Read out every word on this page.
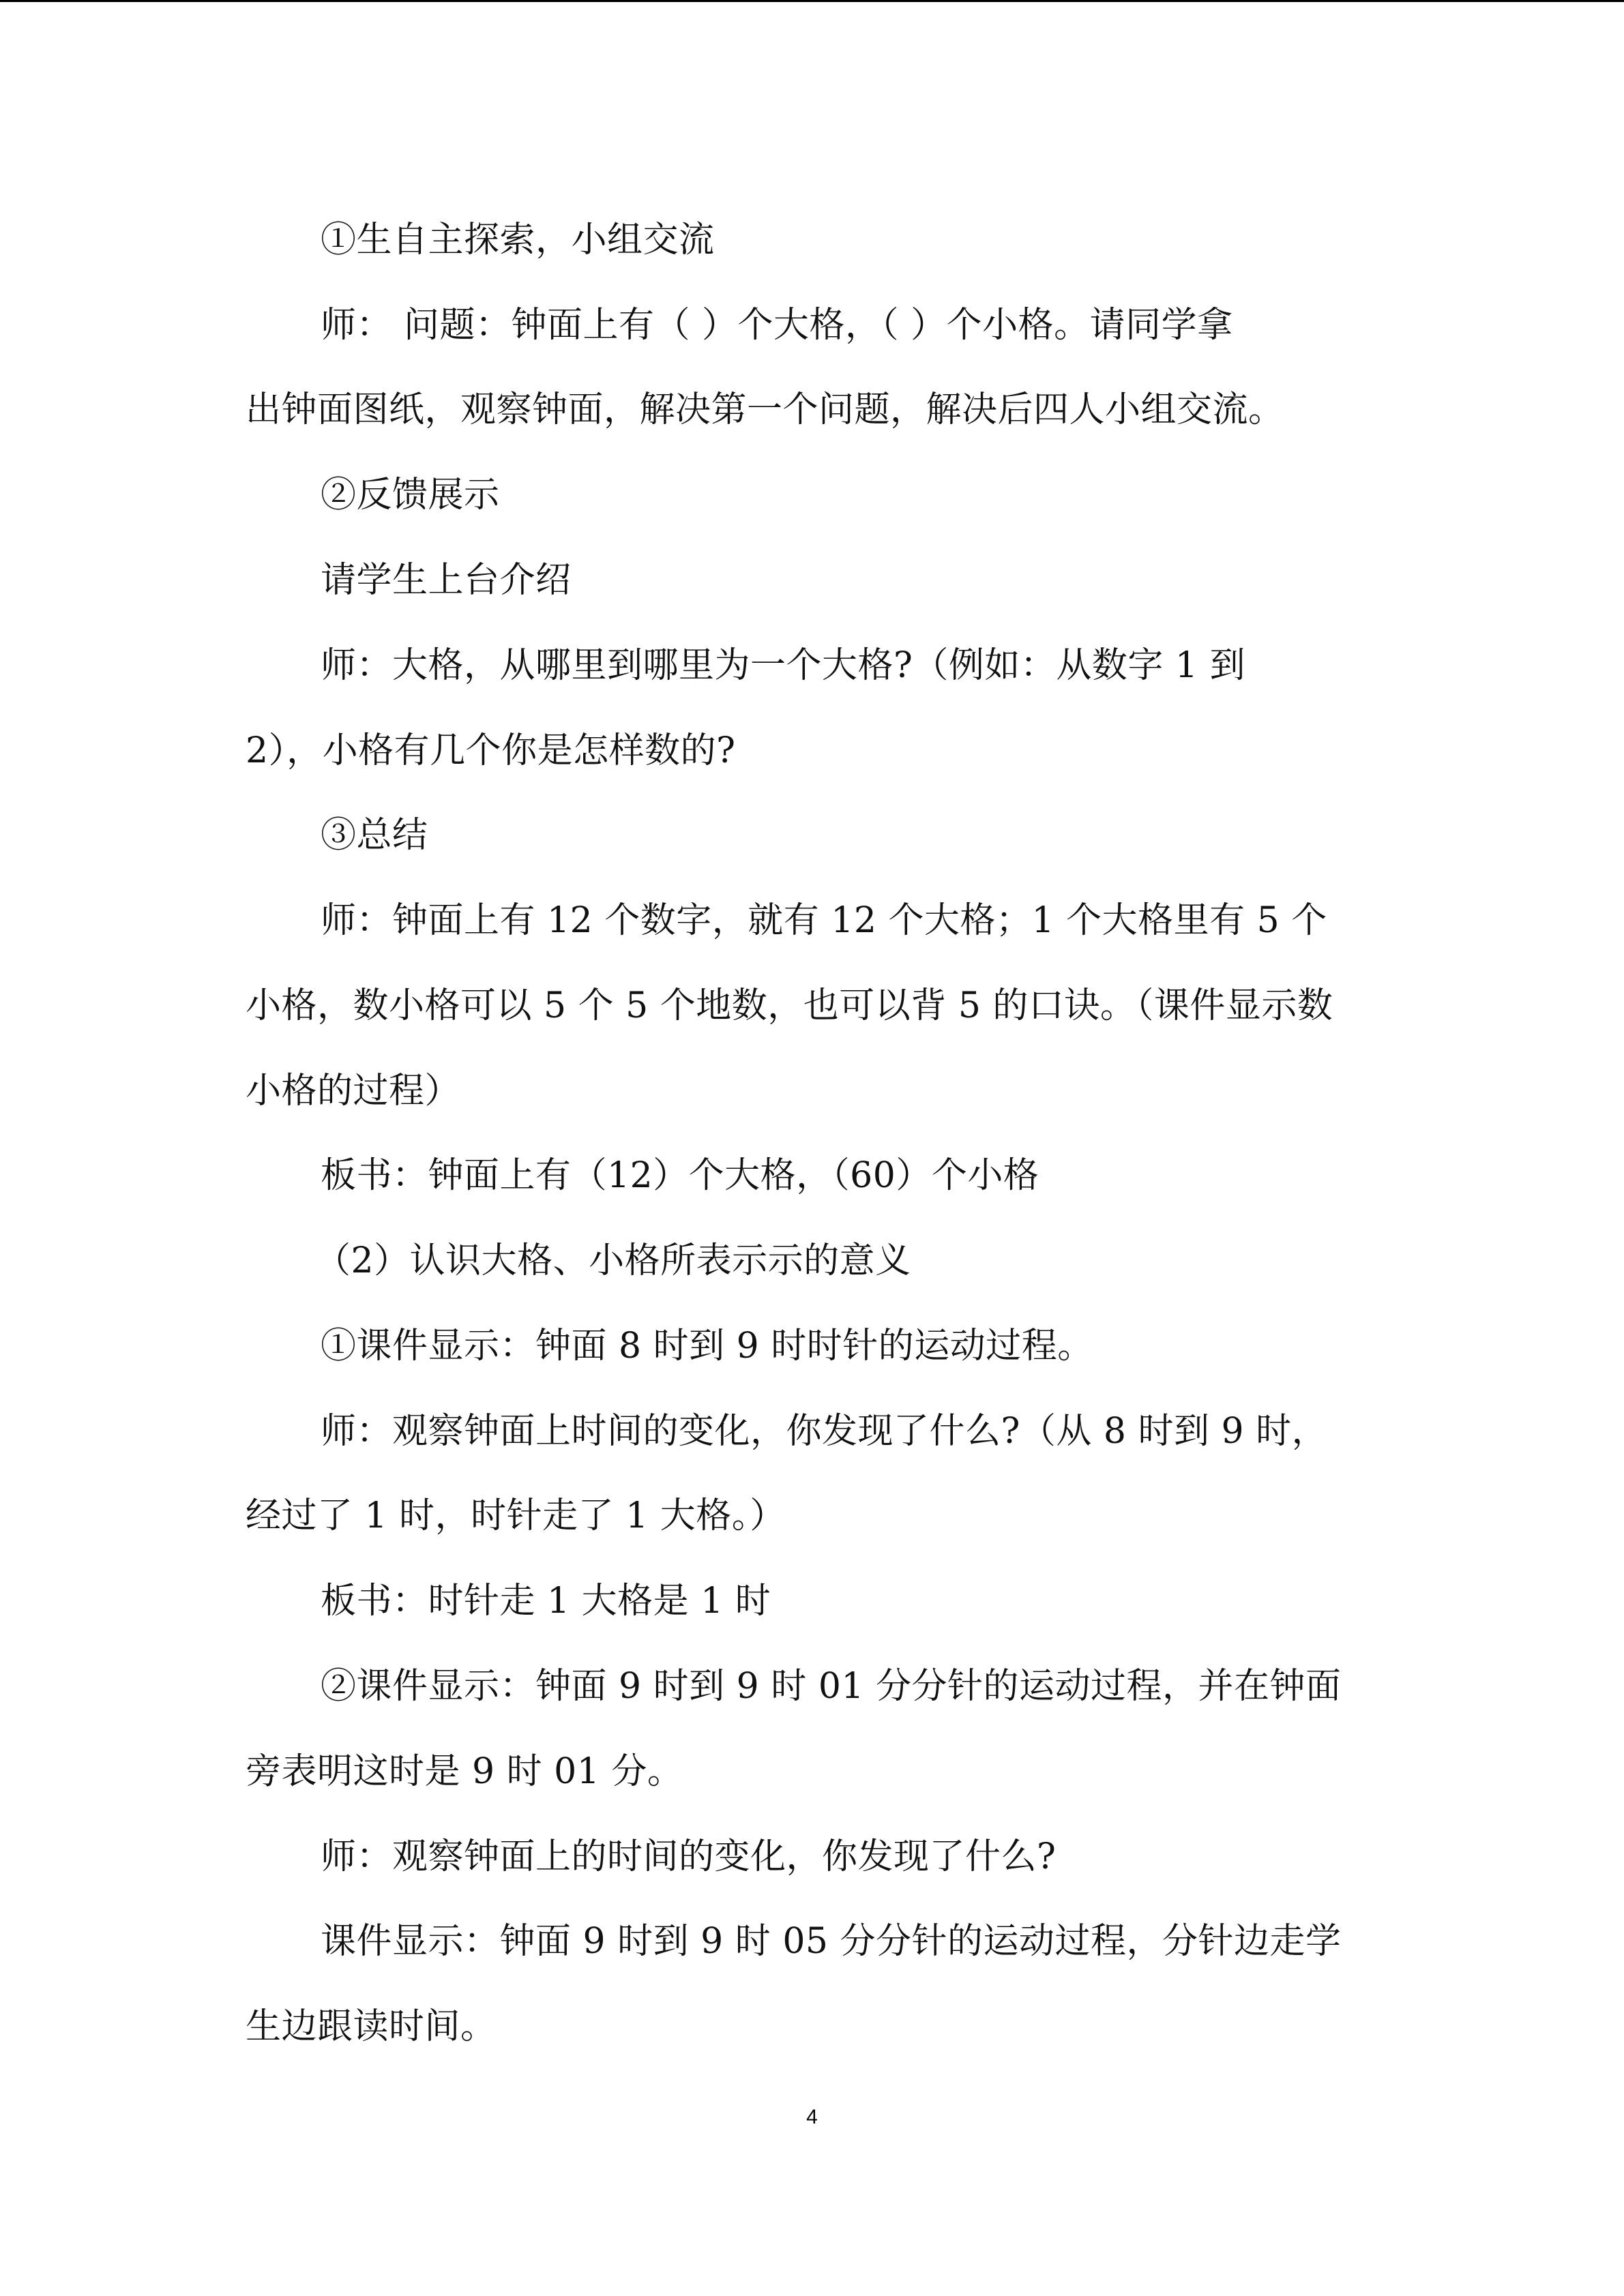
①生自主探索，小组交流
师： 问题：钟面上有（ ）个大格，（ ）个小格。请同学拿
出钟面图纸，观察钟面，解决第一个问题，解决后四人小组交流。
②反馈展示
请学生上台介绍
师：大格，从哪里到哪里为一个大格?（例如：从数字 1 到
2），小格有几个你是怎样数的?
③总结
师：钟面上有 12 个数字，就有 12 个大格；1 个大格里有 5 个
小格，数小格可以 5 个 5 个地数，也可以背 5 的口诀。（课件显示数
小格的过程）
板书：钟面上有（12）个大格，（60）个小格
（2）认识大格、小格所表示示的意义
①课件显示：钟面 8 时到 9 时时针的运动过程。
师：观察钟面上时间的变化，你发现了什么?（从 8 时到 9 时，
经过了 1 时，时针走了 1 大格。）
板书：时针走 1 大格是 1 时
②课件显示：钟面 9 时到 9 时 01 分分针的运动过程，并在钟面
旁表明这时是 9 时 01 分。
师：观察钟面上的时间的变化，你发现了什么?
课件显示：钟面 9 时到 9 时 05 分分针的运动过程，分针边走学
生边跟读时间。
4
